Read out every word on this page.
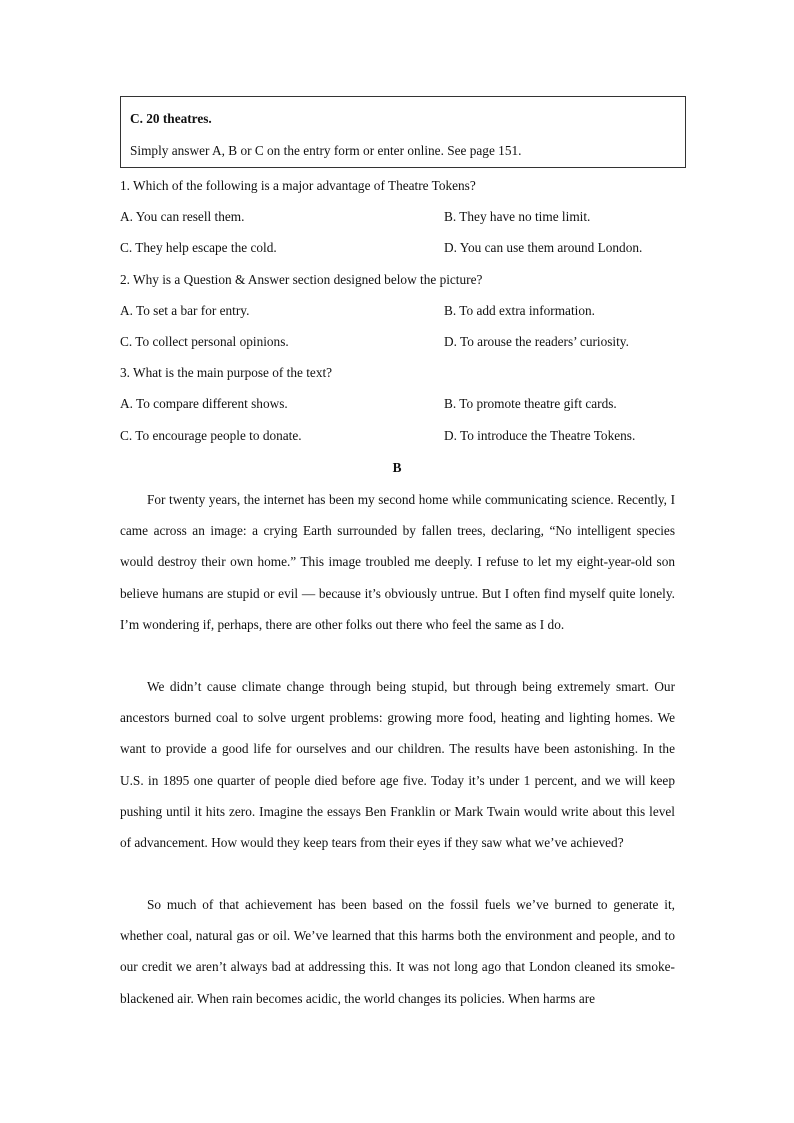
C. 20 theatres.
Simply answer A, B or C on the entry form or enter online. See page 151.
1. Which of the following is a major advantage of Theatre Tokens?
A. You can resell them.	B. They have no time limit.
C. They help escape the cold.	D. You can use them around London.
2. Why is a Question & Answer section designed below the picture?
A. To set a bar for entry.	B. To add extra information.
C. To collect personal opinions.	D. To arouse the readers’ curiosity.
3. What is the main purpose of the text?
A. To compare different shows.	B. To promote theatre gift cards.
C. To encourage people to donate.	D. To introduce the Theatre Tokens.
B

For twenty years, the internet has been my second home while communicating science. Recently, I came across an image: a crying Earth surrounded by fallen trees, declaring, “No intelligent species would destroy their own home.” This image troubled me deeply. I refuse to let my eight-year-old son believe humans are stupid or evil — because it’s obviously untrue. But I often find myself quite lonely. I’m wondering if, perhaps, there are other folks out there who feel the same as I do.

We didn’t cause climate change through being stupid, but through being extremely smart. Our ancestors burned coal to solve urgent problems: growing more food, heating and lighting homes. We want to provide a good life for ourselves and our children. The results have been astonishing. In the U.S. in 1895 one quarter of people died before age five. Today it’s under 1 percent, and we will keep pushing until it hits zero. Imagine the essays Ben Franklin or Mark Twain would write about this level of advancement. How would they keep tears from their eyes if they saw what we’ve achieved?

So much of that achievement has been based on the fossil fuels we’ve burned to generate it, whether coal, natural gas or oil. We’ve learned that this harms both the environment and people, and to our credit we aren’t always bad at addressing this. It was not long ago that London cleaned its smoke-blackened air. When rain becomes acidic, the world changes its policies. When harms are
